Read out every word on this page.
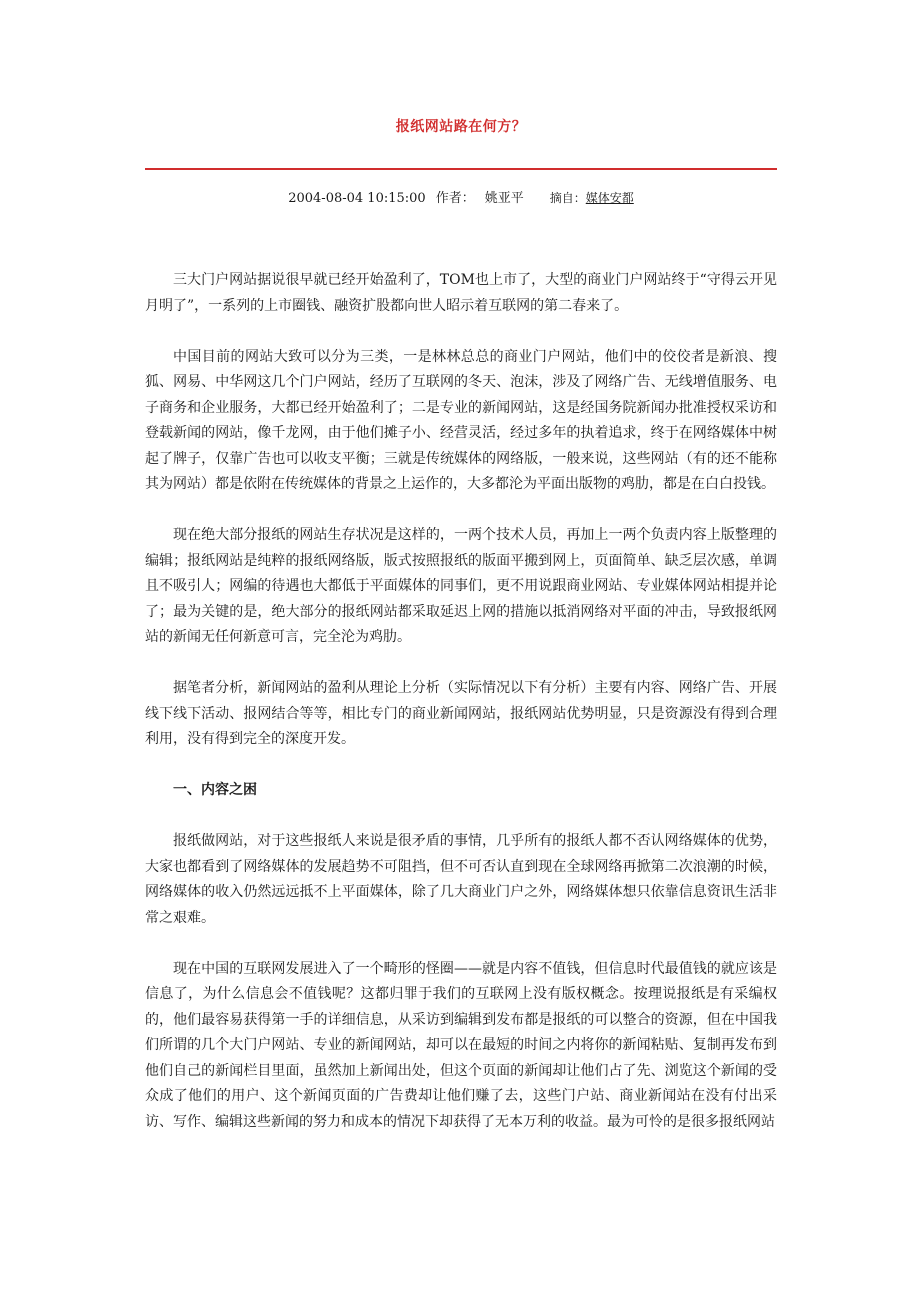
报纸网站路在何方？
2004-08-04 10:15:00 作者： 姚亚平 摘自：媒体安都

三大门户网站据说很早就已经开始盈利了，TOM也上市了，大型的商业门户网站终于“守得云开见月明了”，一系列的上市圈钱、融资扩股都向世人昭示着互联网的第二春来了。

中国目前的网站大致可以分为三类，一是林林总总的商业门户网站，他们中的佼佼者是新浪、搜狐、网易、中华网这几个门户网站，经历了互联网的冬天、泡沫，涉及了网络广告、无线增值服务、电子商务和企业服务，大都已经开始盈利了；二是专业的新闻网站，这是经国务院新闻办批准授权采访和登载新闻的网站，像千龙网，由于他们摊子小、经营灵活，经过多年的执着追求，终于在网络媒体中树起了牌子，仅靠广告也可以收支平衡；三就是传统媒体的网络版，一般来说，这些网站（有的还不能称其为网站）都是依附在传统媒体的背景之上运作的，大多都沦为平面出版物的鸡肋，都是在白白投钱。

现在绝大部分报纸的网站生存状况是这样的，一两个技术人员，再加上一两个负责内容上版整理的编辑；报纸网站是纯粹的报纸网络版，版式按照报纸的版面平搬到网上，页面简单、缺乏层次感，单调且不吸引人；网编的待遇也大都低于平面媒体的同事们，更不用说跟商业网站、专业媒体网站相提并论了；最为关键的是，绝大部分的报纸网站都采取延迟上网的措施以抵消网络对平面的冲击，导致报纸网站的新闻无任何新意可言，完全沦为鸡肋。

据笔者分析，新闻网站的盈利从理论上分析（实际情况以下有分析）主要有内容、网络广告、开展线下线下活动、报网结合等等，相比专门的商业新闻网站，报纸网站优势明显，只是资源没有得到合理利用，没有得到完全的深度开发。

一、内容之困

报纸做网站，对于这些报纸人来说是很矛盾的事情，几乎所有的报纸人都不否认网络媒体的优势，大家也都看到了网络媒体的发展趋势不可阻挡，但不可否认直到现在全球网络再掀第二次浪潮的时候，网络媒体的收入仍然远远抵不上平面媒体，除了几大商业门户之外，网络媒体想只依靠信息资讯生活非常之艰难。

现在中国的互联网发展进入了一个畸形的怪圈——就是内容不值钱，但信息时代最值钱的就应该是信息了，为什么信息会不值钱呢？这都归罪于我们的互联网上没有版权概念。按理说报纸是有采编权的，他们最容易获得第一手的详细信息，从采访到编辑到发布都是报纸的可以整合的资源，但在中国我们所谓的几个大门户网站、专业的新闻网站，却可以在最短的时间之内将你的新闻粘贴、复制再发布到他们自己的新闻栏目里面，虽然加上新闻出处，但这个页面的新闻却让他们占了先、浏览这个新闻的受众成了他们的用户、这个新闻页面的广告费却让他们赚了去，这些门户站、商业新闻站在没有付出采访、写作、编辑这些新闻的努力和成本的情况下却获得了无本万利的收益。最为可怜的是很多报纸网站
